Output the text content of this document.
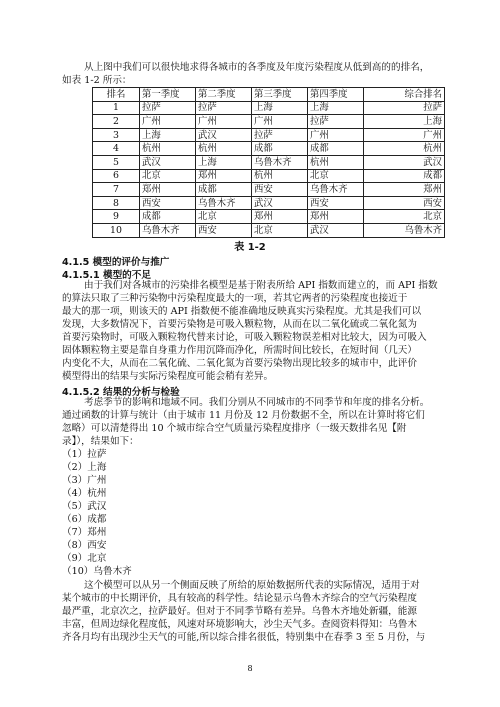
从上图中我们可以很快地求得各城市的各季度及年度污染程度从低到高的的排名，
如表 1-2 所示：
排名	第一季度	第二季度	第三季度	第四季度	综合排名
1	拉萨	拉萨	上海	上海	拉萨
2	广州	广州	广州	拉萨	上海
3	上海	武汉	拉萨	广州	广州
4	杭州	杭州	成都	成都	杭州
5	武汉	上海	乌鲁木齐	杭州	武汉
6	北京	郑州	杭州	北京	成都
7	郑州	成都	西安	乌鲁木齐	郑州
8	西安	乌鲁木齐	武汉	西安	西安
9	成都	北京	郑州	郑州	北京
10	乌鲁木齐	西安	北京	武汉	乌鲁木齐
表 1-2
4.1.5 模型的评价与推广
4.1.5.1 模型的不足
由于我们对各城市的污染排名模型是基于附表所给 API 指数而建立的，而 API 指数
的算法只取了三种污染物中污染程度最大的一项，若其它两者的污染程度也接近于
最大的那一项，则该天的 API 指数便不能准确地反映真实污染程度。尤其是我们可以
发现，大多数情况下，首要污染物是可吸入颗粒物，从而在以二氧化硫或二氧化氮为
首要污染物时，可吸入颗粒物代替来讨论，可吸入颗粒物误差相对比较大，因为可吸入
固体颗粒物主要是靠自身重力作用沉降而净化，所需时间比较长，在短时间（几天）
内变化不大，从而在二氧化硫、二氧化氮为首要污染物出现比较多的城市中，此评价
模型得出的结果与实际污染程度可能会稍有差异。
4.1.5.2 结果的分析与检验
考虑季节的影响和地域不同。我们分别从不同城市的不同季节和年度的排名分析。
通过函数的计算与统计（由于城市 11 月份及 12 月份数据不全，所以在计算时将它们
忽略）可以清楚得出 10 个城市综合空气质量污染程度排序（一级天数排名见【附
录】），结果如下：
（1）拉萨
（2）上海
（3）广州
（4）杭州
（5）武汉
（6）成都
（7）郑州
（8）西安
（9）北京
（10）乌鲁木齐
这个模型可以从另一个侧面反映了所给的原始数据所代表的实际情况，适用于对
某个城市的中长期评价，具有较高的科学性。结论显示乌鲁木齐综合的空气污染程度
最严重，北京次之，拉萨最好。但对于不同季节略有差异。乌鲁木齐地处新疆，能源
丰富，但周边绿化程度低，风速对环境影响大，沙尘天气多。查阅资料得知：乌鲁木
齐各月均有出现沙尘天气的可能,所以综合排名很低，特别集中在春季 3 至 5 月份，与
8
